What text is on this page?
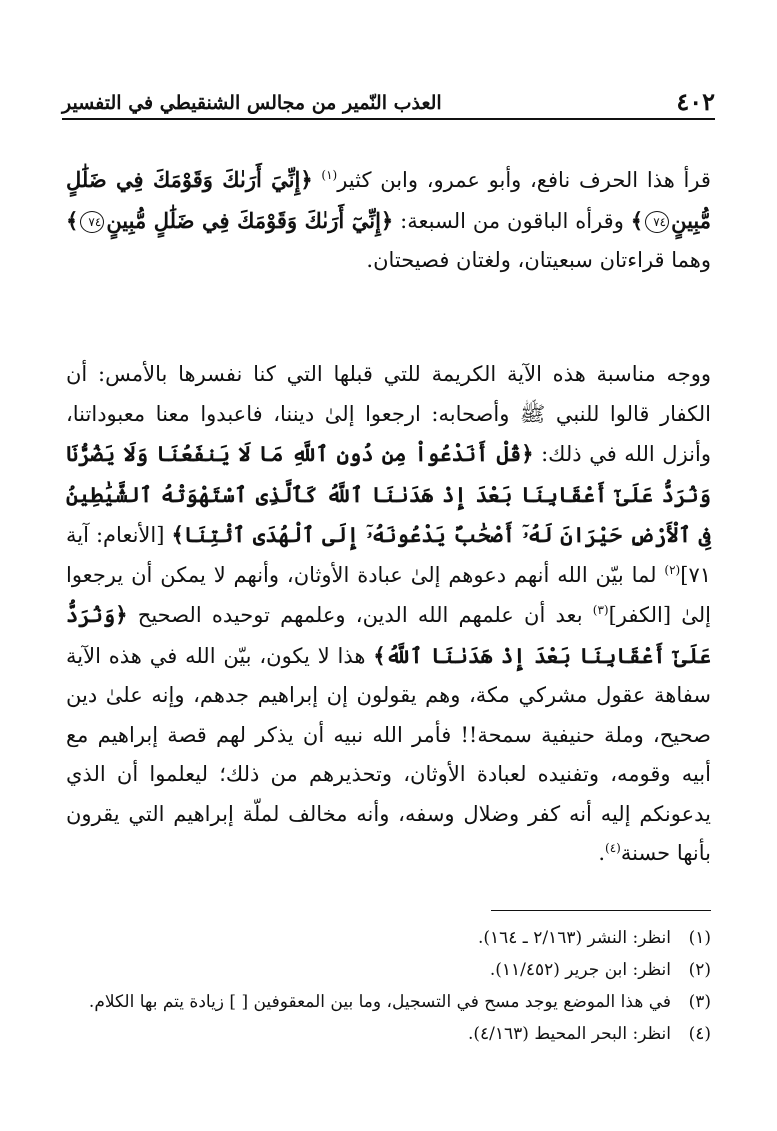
٤٠٢
العذب النّمير من مجالس الشنقيطي في التفسير

قرأ هذا الحرف نافع، وأبو عمرو، وابن كثير$^{(١)}$ ﴿إِنِّيَ أَرَىٰكَ وَقَوْمَكَ فِي ضَلَٰلٍ مُّبِينٍ٧٤﴾ وقرأه الباقون من السبعة: ﴿إِنِّيٓ أَرَىٰكَ وَقَوْمَكَ فِي ضَلَٰلٍ مُّبِينٍ٧٤﴾ وهما قراءتان سبعيتان، ولغتان فصيحتان.

ووجه مناسبة هذه الآية الكريمة للتي قبلها التي كنا نفسرها بالأمس: أن الكفار قالوا للنبي ﷺ وأصحابه: ارجعوا إلىٰ ديننا، فاعبدوا معنا معبوداتنا، وأنزل الله في ذلك: ﴿قُلْ أَنَدْعُواْ مِن دُونِ ٱللَّهِ مَا لَا يَنفَعُنَا وَلَا يَضُرُّنَا وَنُرَدُّ عَلَىٰٓ أَعْقَابِنَا بَعْدَ إِذْ هَدَىٰنَا ٱللَّهُ كَٱلَّذِى ٱسْتَهْوَتْهُ ٱلشَّيَٰطِينُ فِى ٱلْأَرْضِ حَيْرَانَ لَهُۥٓ أَصْحَٰبٌ يَدْعُونَهُۥٓ إِلَى ٱلْهُدَى ٱئْتِنَا﴾ [الأنعام: آية ٧١]$^{(٢)}$ لما بيّن الله أنهم دعوهم إلىٰ عبادة الأوثان، وأنهم لا يمكن أن يرجعوا إلىٰ [الكفر]$^{(٣)}$ بعد أن علمهم الله الدين، وعلمهم توحيده الصحيح ﴿وَنُرَدُّ عَلَىٰٓ أَعْقَابِنَا بَعْدَ إِذْ هَدَىٰنَا ٱللَّهُ﴾ هذا لا يكون، بيّن الله في هذه الآية سفاهة عقول مشركي مكة، وهم يقولون إن إبراهيم جدهم، وإنه علىٰ دين صحيح، وملة حنيفية سمحة!! فأمر الله نبيه أن يذكر لهم قصة إبراهيم مع أبيه وقومه، وتفنيده لعبادة الأوثان، وتحذيرهم من ذلك؛ ليعلموا أن الذي يدعونكم إليه أنه كفر وضلال وسفه، وأنه مخالف لملّة إبراهيم التي يقرون بأنها حسنة$^{(٤)}$.

(١)
انظر: النشر (٢/١٦٣ ـ ١٦٤).
(٢)
انظر: ابن جرير (١١/٤٥٢).
(٣)
في هذا الموضع يوجد مسح في التسجيل، وما بين المعقوفين [ ] زيادة يتم بها الكلام.
(٤)
انظر: البحر المحيط (٤/١٦٣).
